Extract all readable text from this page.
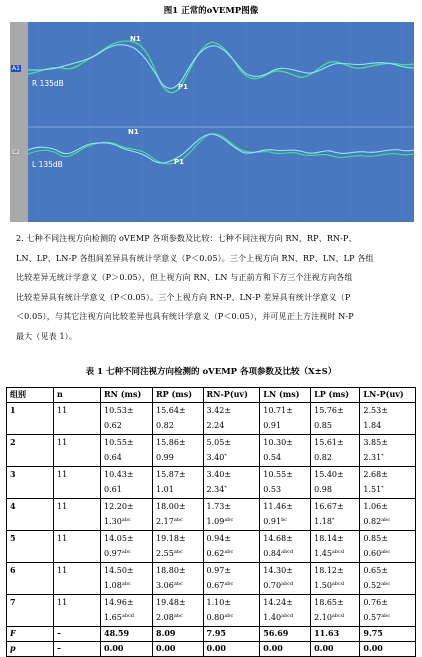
图1 正常的oVEMP图像
A1
C2
N1
P1
R 135dB
N1
P1
L 135dB

2. 七种不同注视方向检测的 oVEMP 各项参数及比较：七种不同注视方向 RN、RP、RN-P、

LN、LP、LN-P 各组间差异具有统计学意义（P＜0.05）。三个上视方向 RN、RP、LN、LP 各组

比较差异无统计学意义（P＞0.05），但上视方向 RN、LN 与正前方和下方三个注视方向各组

比较差异具有统计学意义（P＜0.05）。三个上视方向 RN-P、LN-P 差异具有统计学意义（P

＜0.05），与其它注视方向比较差异也具有统计学意义（P＜0.05），并可见正上方注视时 N-P

最大（见表 1）。

表 1 七种不同注视方向检测的 oVEMP 各项参数及比较（X±S）
组别	n	RN (ms)	RP (ms)	RN-P(uv)	LN (ms)	LP (ms)	LN-P(uv)
1	11	10.53±
0.62	15.64±
0.82	3.42±
2.24	10.71±
0.91	15.76±
0.85	2.53±
1.84
2	11	10.55±
0.64	15.86±
0.99	5.05±
3.40*	10.30±
0.54	15.61±
0.82	3.85±
2.31*
3	11	10.43±
0.61	15.87±
1.01	3.40±
2.34*	10.55±
0.53	15.40±
0.98	2.68±
1.51*
4	11	12.20±
1.30$^{abc}$	18.00±
2.17$^{abc}$	1.73±
1.09$^{abc}$	11.46±
0.91$^{bc}$	16.67±
1.18*	1.06±
0.82$^{abc}$
5	11	14.05±
0.97$^{abc}$	19.18±
2.55$^{abc}$	0.94±
0.62$^{abc}$	14.68±
$0.84^{abcd}$	18.14±
$1.45^{abcd}$	0.85±
0.60$^{abc}$
6	11	14.50±
1.08$^{abc}$	18.80±
3.06$^{abc}$	0.97±
0.67$^{abc}$	14.30±
$0.70^{abcd}$	18.12±
$1.50^{abcd}$	0.65±
0.52$^{abc}$
7	11	14.96±
$1.65^{abcd}$	19.48±
2.08$^{abc}$	1.10±
0.80$^{abc}$	14.24±
$1.40^{abcd}$	18.65±
$2.10^{abcd}$	0.76±
0.57$^{abc}$
F	–	48.59	8.09	7.95	56.69	11.63	9.75
p	–	0.00	0.00	0.00	0.00	0.00	0.00
